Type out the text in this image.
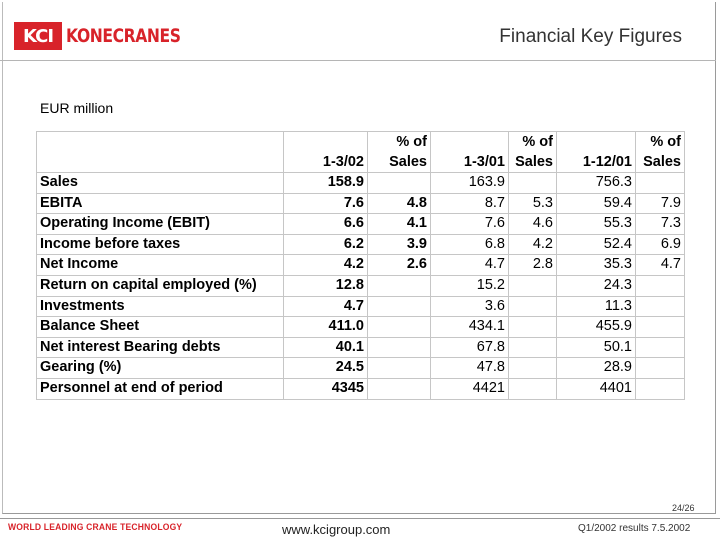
KCI KONECRANES	Financial Key Figures
EUR million
		% of		% of		% of
	1-3/02	Sales	1-3/01	Sales	1-12/01	Sales
Sales	158.9		163.9		756.3	
EBITA	7.6	4.8	8.7	5.3	59.4	7.9
Operating Income (EBIT)	6.6	4.1	7.6	4.6	55.3	7.3
Income before taxes	6.2	3.9	6.8	4.2	52.4	6.9
Net Income	4.2	2.6	4.7	2.8	35.3	4.7
Return on capital employed (%)	12.8		15.2		24.3	
Investments	4.7		3.6		11.3	
Balance Sheet	411.0		434.1		455.9	
Net interest Bearing debts	40.1		67.8		50.1	
Gearing (%)	24.5		47.8		28.9	
Personnel at end of period	4345		4421		4401	
24/26
WORLD LEADING CRANE TECHNOLOGY	www.kcigroup.com	Q1/2002 results 7.5.2002
